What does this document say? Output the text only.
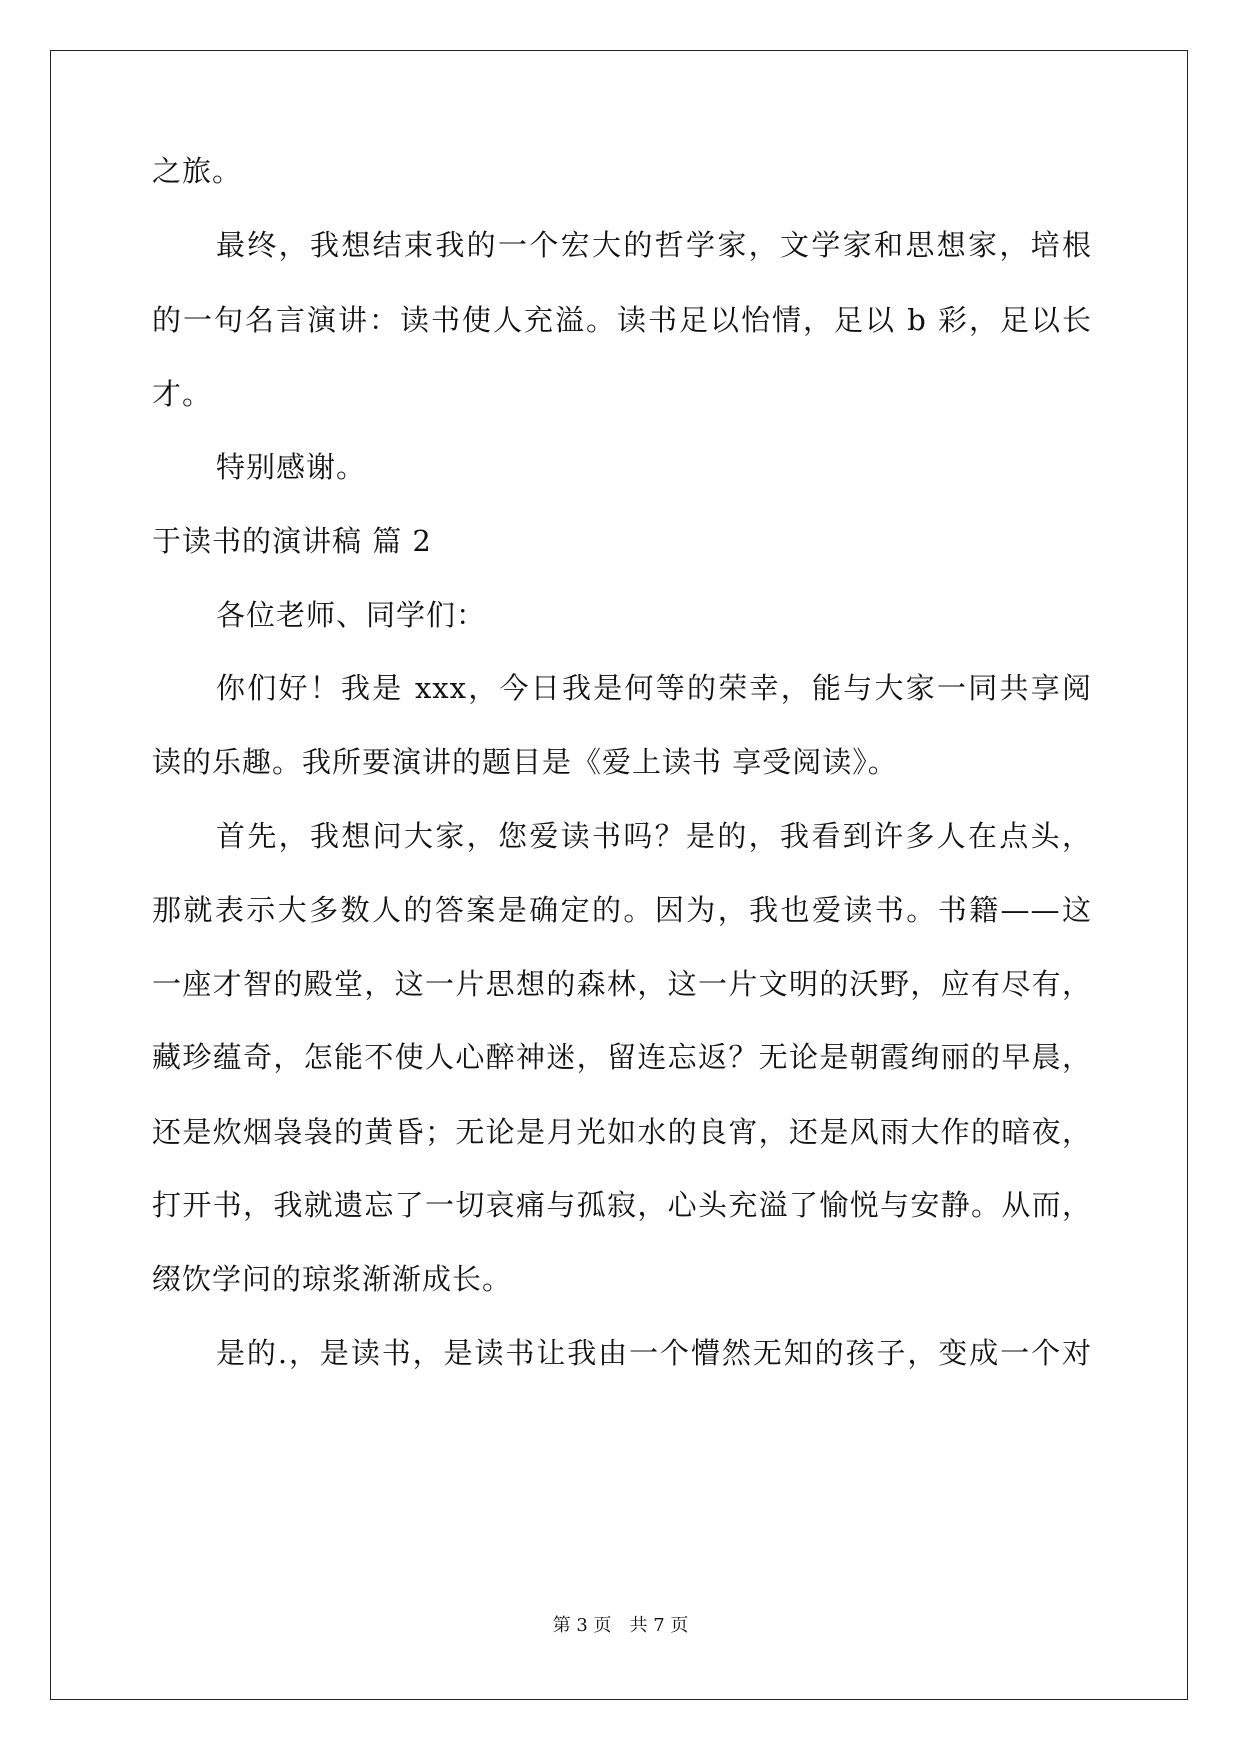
之旅。
最终，我想结束我的一个宏大的哲学家，文学家和思想家，培根
的一句名言演讲：读书使人充溢。读书足以怡情，足以 b 彩，足以长
才。
特别感谢。
于读书的演讲稿 篇 2
各位老师、同学们：
你们好！我是 xxx，今日我是何等的荣幸，能与大家一同共享阅
读的乐趣。我所要演讲的题目是《爱上读书 享受阅读》。
首先，我想问大家，您爱读书吗？是的，我看到许多人在点头，
那就表示大多数人的答案是确定的。因为，我也爱读书。书籍——这
一座才智的殿堂，这一片思想的森林，这一片文明的沃野，应有尽有，
藏珍蕴奇，怎能不使人心醉神迷，留连忘返？无论是朝霞绚丽的早晨，
还是炊烟袅袅的黄昏；无论是月光如水的良宵，还是风雨大作的暗夜，
打开书，我就遗忘了一切哀痛与孤寂，心头充溢了愉悦与安静。从而，
缀饮学问的琼浆渐渐成长。
是的.，是读书，是读书让我由一个懵然无知的孩子，变成一个对
第 3 页　共 7 页
